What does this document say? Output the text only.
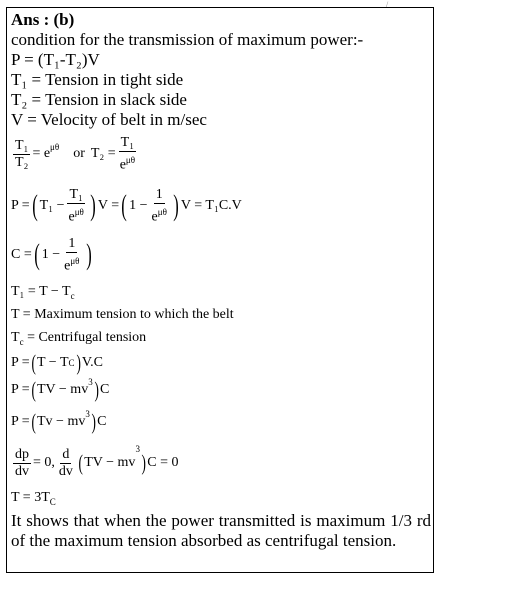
/
Ans : (b)
condition for the transmission of maximum power:-
P = (T₁-T₂)V
T₁ = Tension in tight side
T₂ = Tension in slack side
V = Velocity of belt in m/sec
$\frac{\text{T₁}}{\text{T₂}} = e^{\mu\theta}$ or $T_2 = \frac{\text{T₁}}{e^{\mu\theta}}$
P = ( $T_1 - \frac{\text{T₁}}{e^{\mu\theta}}$ ) V = ( $1 - \frac{1}{e^{\mu\theta}}$ ) V = T₁C.V
C = ( $1 - \frac{1}{e^{\mu\theta}}$ )
$T_1 = T - T_c$
T = Maximum tension to which the belt
$T_c$ = Centrifugal tension
P = ( T − T C ) V.C
P = ( TV − $mv^3$ ) C
P = ( $Tv - mv^3$ ) C
$\frac{dp}{dv} = 0$, $\frac{d}{dv}$ ( TV − mv
3
) C = 0
$T = 3T_C$
It shows that when the power transmitted is maximum 1/3 rd of the maximum tension absorbed as centrifugal tension.
